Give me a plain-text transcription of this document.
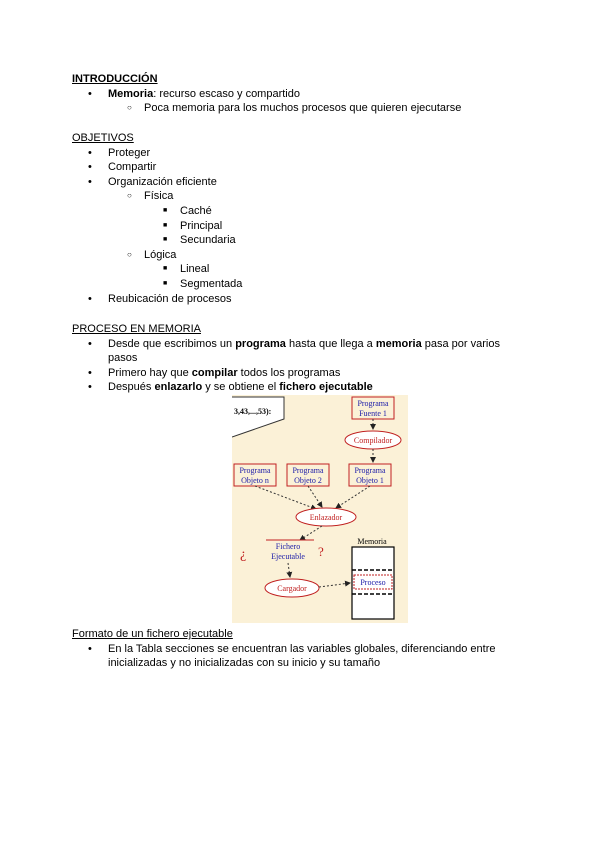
INTRODUCCIÓN
• Memoria: recurso escaso y compartido
○ Poca memoria para los muchos procesos que quieren ejecutarse
OBJETIVOS
• Proteger
• Compartir
• Organización eficiente
○ Física
■ Caché
■ Principal
■ Secundaria
○ Lógica
■ Lineal
■ Segmentada
• Reubicación de procesos
PROCESO EN MEMORIA
• Desde que escribimos un programa hasta que llega a memoria pasa por varios pasos
• Primero hay que compilar todos los programas
• Después enlazarlo y se obtiene el fichero ejecutable
3,43,...,53):
Programa
Fuente 1
Compilador
Programa
Objeto n
Programa
Objeto 2
Programa
Objeto 1
Enlazador
¿
Fichero
Ejecutable ?
Cargador
Memoria
Proceso
Formato de un fichero ejecutable
• En la Tabla secciones se encuentran las variables globales, diferenciando entre inicializadas y no inicializadas con su inicio y su tamaño
